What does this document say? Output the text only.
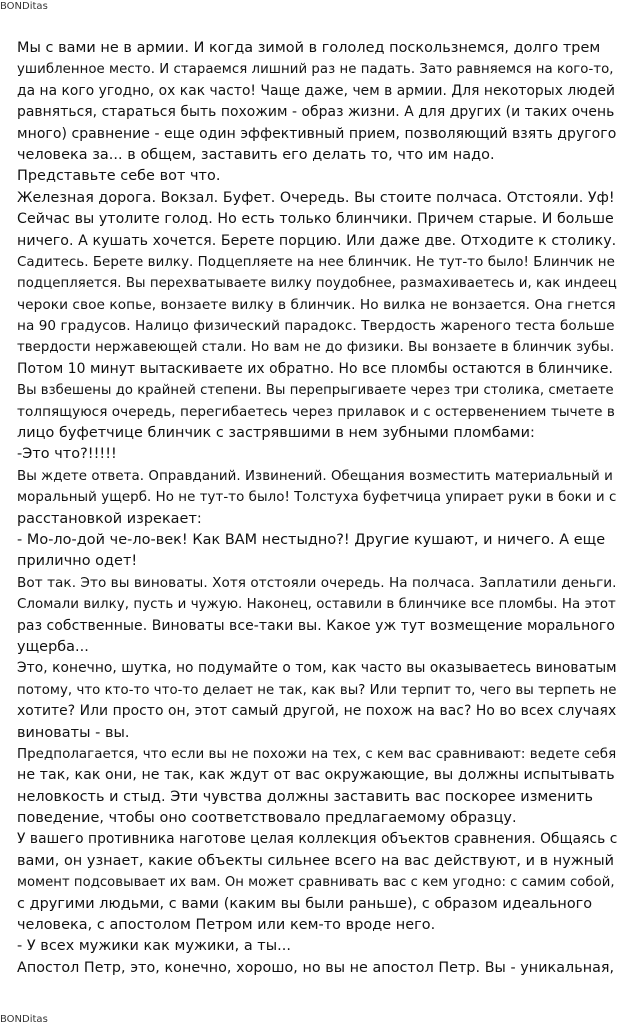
BONDitas
Мы с вами не в армии. И когда зимой в гололед поскользнемся, долго трем
ушибленное место. И стараемся лишний раз не падать. Зато равняемся на кого-то,
да на кого угодно, ох как часто! Чаще даже, чем в армии. Для некоторых людей
равняться, стараться быть похожим - образ жизни. А для других (и таких очень
много) сравнение - еще один эффективный прием, позволяющий взять другого
человека за... в общем, заставить его делать то, что им надо.
Представьте себе вот что.
Железная дорога. Вокзал. Буфет. Очередь. Вы стоите полчаса. Отстояли. Уф!
Сейчас вы утолите голод. Но есть только блинчики. Причем старые. И больше
ничего. А кушать хочется. Берете порцию. Или даже две. Отходите к столику.
Садитесь. Берете вилку. Подцепляете на нее блинчик. Не тут-то было! Блинчик не
подцепляется. Вы перехватываете вилку поудобнее, размахиваетесь и, как индеец
чероки свое копье, вонзаете вилку в блинчик. Но вилка не вонзается. Она гнется
на 90 градусов. Налицо физический парадокс. Твердость жареного теста больше
твердости нержавеющей стали. Но вам не до физики. Вы вонзаете в блинчик зубы.
Потом 10 минут вытаскиваете их обратно. Но все пломбы остаются в блинчике.
Вы взбешены до крайней степени. Вы перепрыгиваете через три столика, сметаете
толпящуюся очередь, перегибаетесь через прилавок и с остервенением тычете в
лицо буфетчице блинчик с застрявшими в нем зубными пломбами:
-Это что?!!!!!
Вы ждете ответа. Оправданий. Извинений. Обещания возместить материальный и
моральный ущерб. Но не тут-то было! Толстуха буфетчица упирает руки в боки и с
расстановкой изрекает:
- Мо-ло-дой че-ло-век! Как ВАМ нестыдно?! Другие кушают, и ничего. А еще
прилично одет!
Вот так. Это вы виноваты. Хотя отстояли очередь. На полчаса. Заплатили деньги.
Сломали вилку, пусть и чужую. Наконец, оставили в блинчике все пломбы. На этот
раз собственные. Виноваты все-таки вы. Какое уж тут возмещение морального
ущерба...
Это, конечно, шутка, но подумайте о том, как часто вы оказываетесь виноватым
потому, что кто-то что-то делает не так, как вы? Или терпит то, чего вы терпеть не
хотите? Или просто он, этот самый другой, не похож на вас? Но во всех случаях
виноваты - вы.
Предполагается, что если вы не похожи на тех, с кем вас сравнивают: ведете себя
не так, как они, не так, как ждут от вас окружающие, вы должны испытывать
неловкость и стыд. Эти чувства должны заставить вас поскорее изменить
поведение, чтобы оно соответствовало предлагаемому образцу.
У вашего противника наготове целая коллекция объектов сравнения. Общаясь с
вами, он узнает, какие объекты сильнее всего на вас действуют, и в нужный
момент подсовывает их вам. Он может сравнивать вас с кем угодно: с самим собой,
с другими людьми, с вами (каким вы были раньше), с образом идеального
человека, с апостолом Петром или кем-то вроде него.
- У всех мужики как мужики, а ты...
Апостол Петр, это, конечно, хорошо, но вы не апостол Петр. Вы - уникальная,
BONDitas
